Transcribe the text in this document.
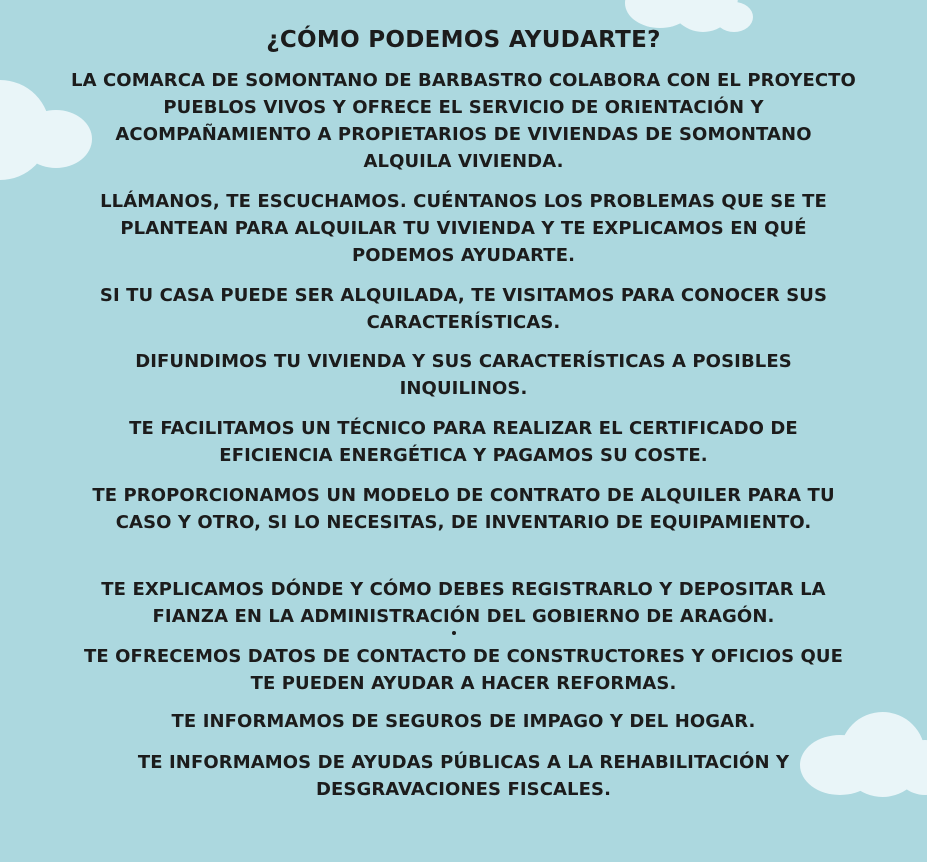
¿CÓMO PODEMOS AYUDARTE?

LA COMARCA DE SOMONTANO DE BARBASTRO COLABORA CON EL PROYECTO PUEBLOS VIVOS Y OFRECE EL SERVICIO DE ORIENTACIÓN Y ACOMPAÑAMIENTO A PROPIETARIOS DE VIVIENDAS DE SOMONTANO ALQUILA VIVIENDA.

LLÁMANOS, TE ESCUCHAMOS. CUÉNTANOS LOS PROBLEMAS QUE SE TE PLANTEAN PARA ALQUILAR TU VIVIENDA Y TE EXPLICAMOS EN QUÉ PODEMOS AYUDARTE.

SI TU CASA PUEDE SER ALQUILADA, TE VISITAMOS PARA CONOCER SUS CARACTERÍSTICAS.

DIFUNDIMOS TU VIVIENDA Y SUS CARACTERÍSTICAS A POSIBLES INQUILINOS.

TE FACILITAMOS UN TÉCNICO PARA REALIZAR EL CERTIFICADO DE EFICIENCIA ENERGÉTICA Y PAGAMOS SU COSTE.

TE PROPORCIONAMOS UN MODELO DE CONTRATO DE ALQUILER PARA TU CASO Y OTRO, SI LO NECESITAS, DE INVENTARIO DE EQUIPAMIENTO.

TE EXPLICAMOS DÓNDE Y CÓMO DEBES REGISTRARLO Y DEPOSITAR LA FIANZA EN LA ADMINISTRACIÓN DEL GOBIERNO DE ARAGÓN.

TE OFRECEMOS DATOS DE CONTACTO DE CONSTRUCTORES Y OFICIOS QUE TE PUEDEN AYUDAR A HACER REFORMAS.

TE INFORMAMOS DE SEGUROS DE IMPAGO Y DEL HOGAR.

TE INFORMAMOS DE AYUDAS PÚBLICAS A LA REHABILITACIÓN Y DESGRAVACIONES FISCALES.
